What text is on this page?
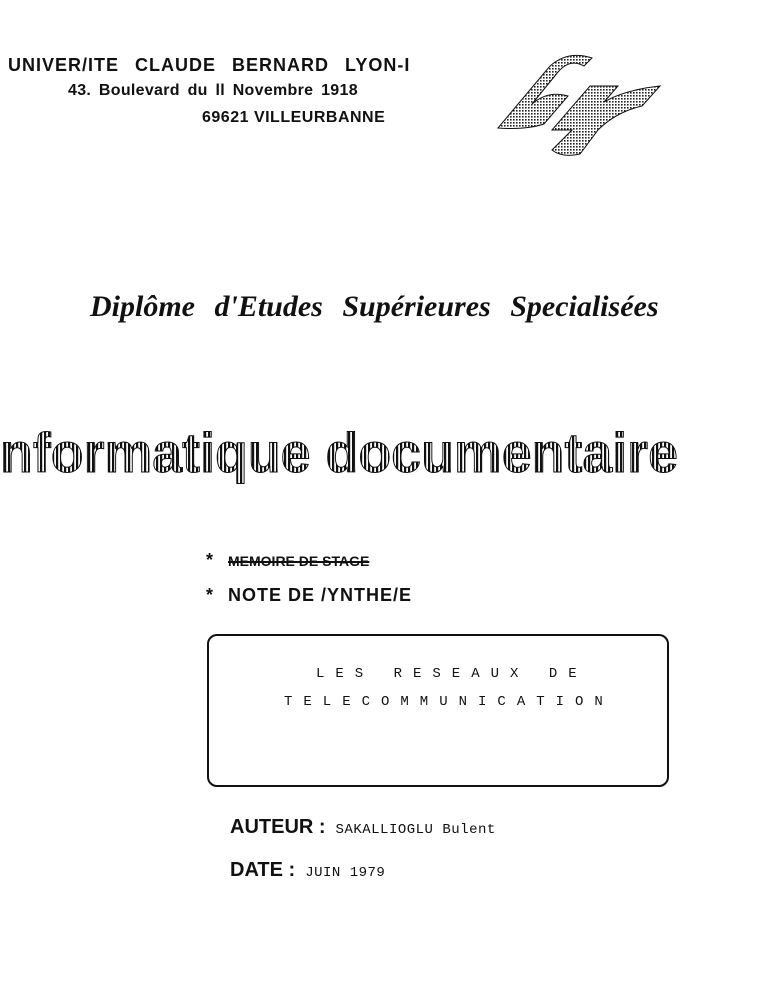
UNIVER/ITE CLAUDE BERNARD LYON-I
43. Boulevard du ll Novembre 1918
69621 VILLEURBANNE
Diplôme d'Etudes Supérieures Specialisées
nformatique documentaire
* MEMOIRE DE STAGE
* NOTE DE /YNTHE/E
LES RESEAUX DE
TELECOMMUNICATION
AUTEUR : SAKALLIOGLU Bulent
DATE : JUIN 1979
